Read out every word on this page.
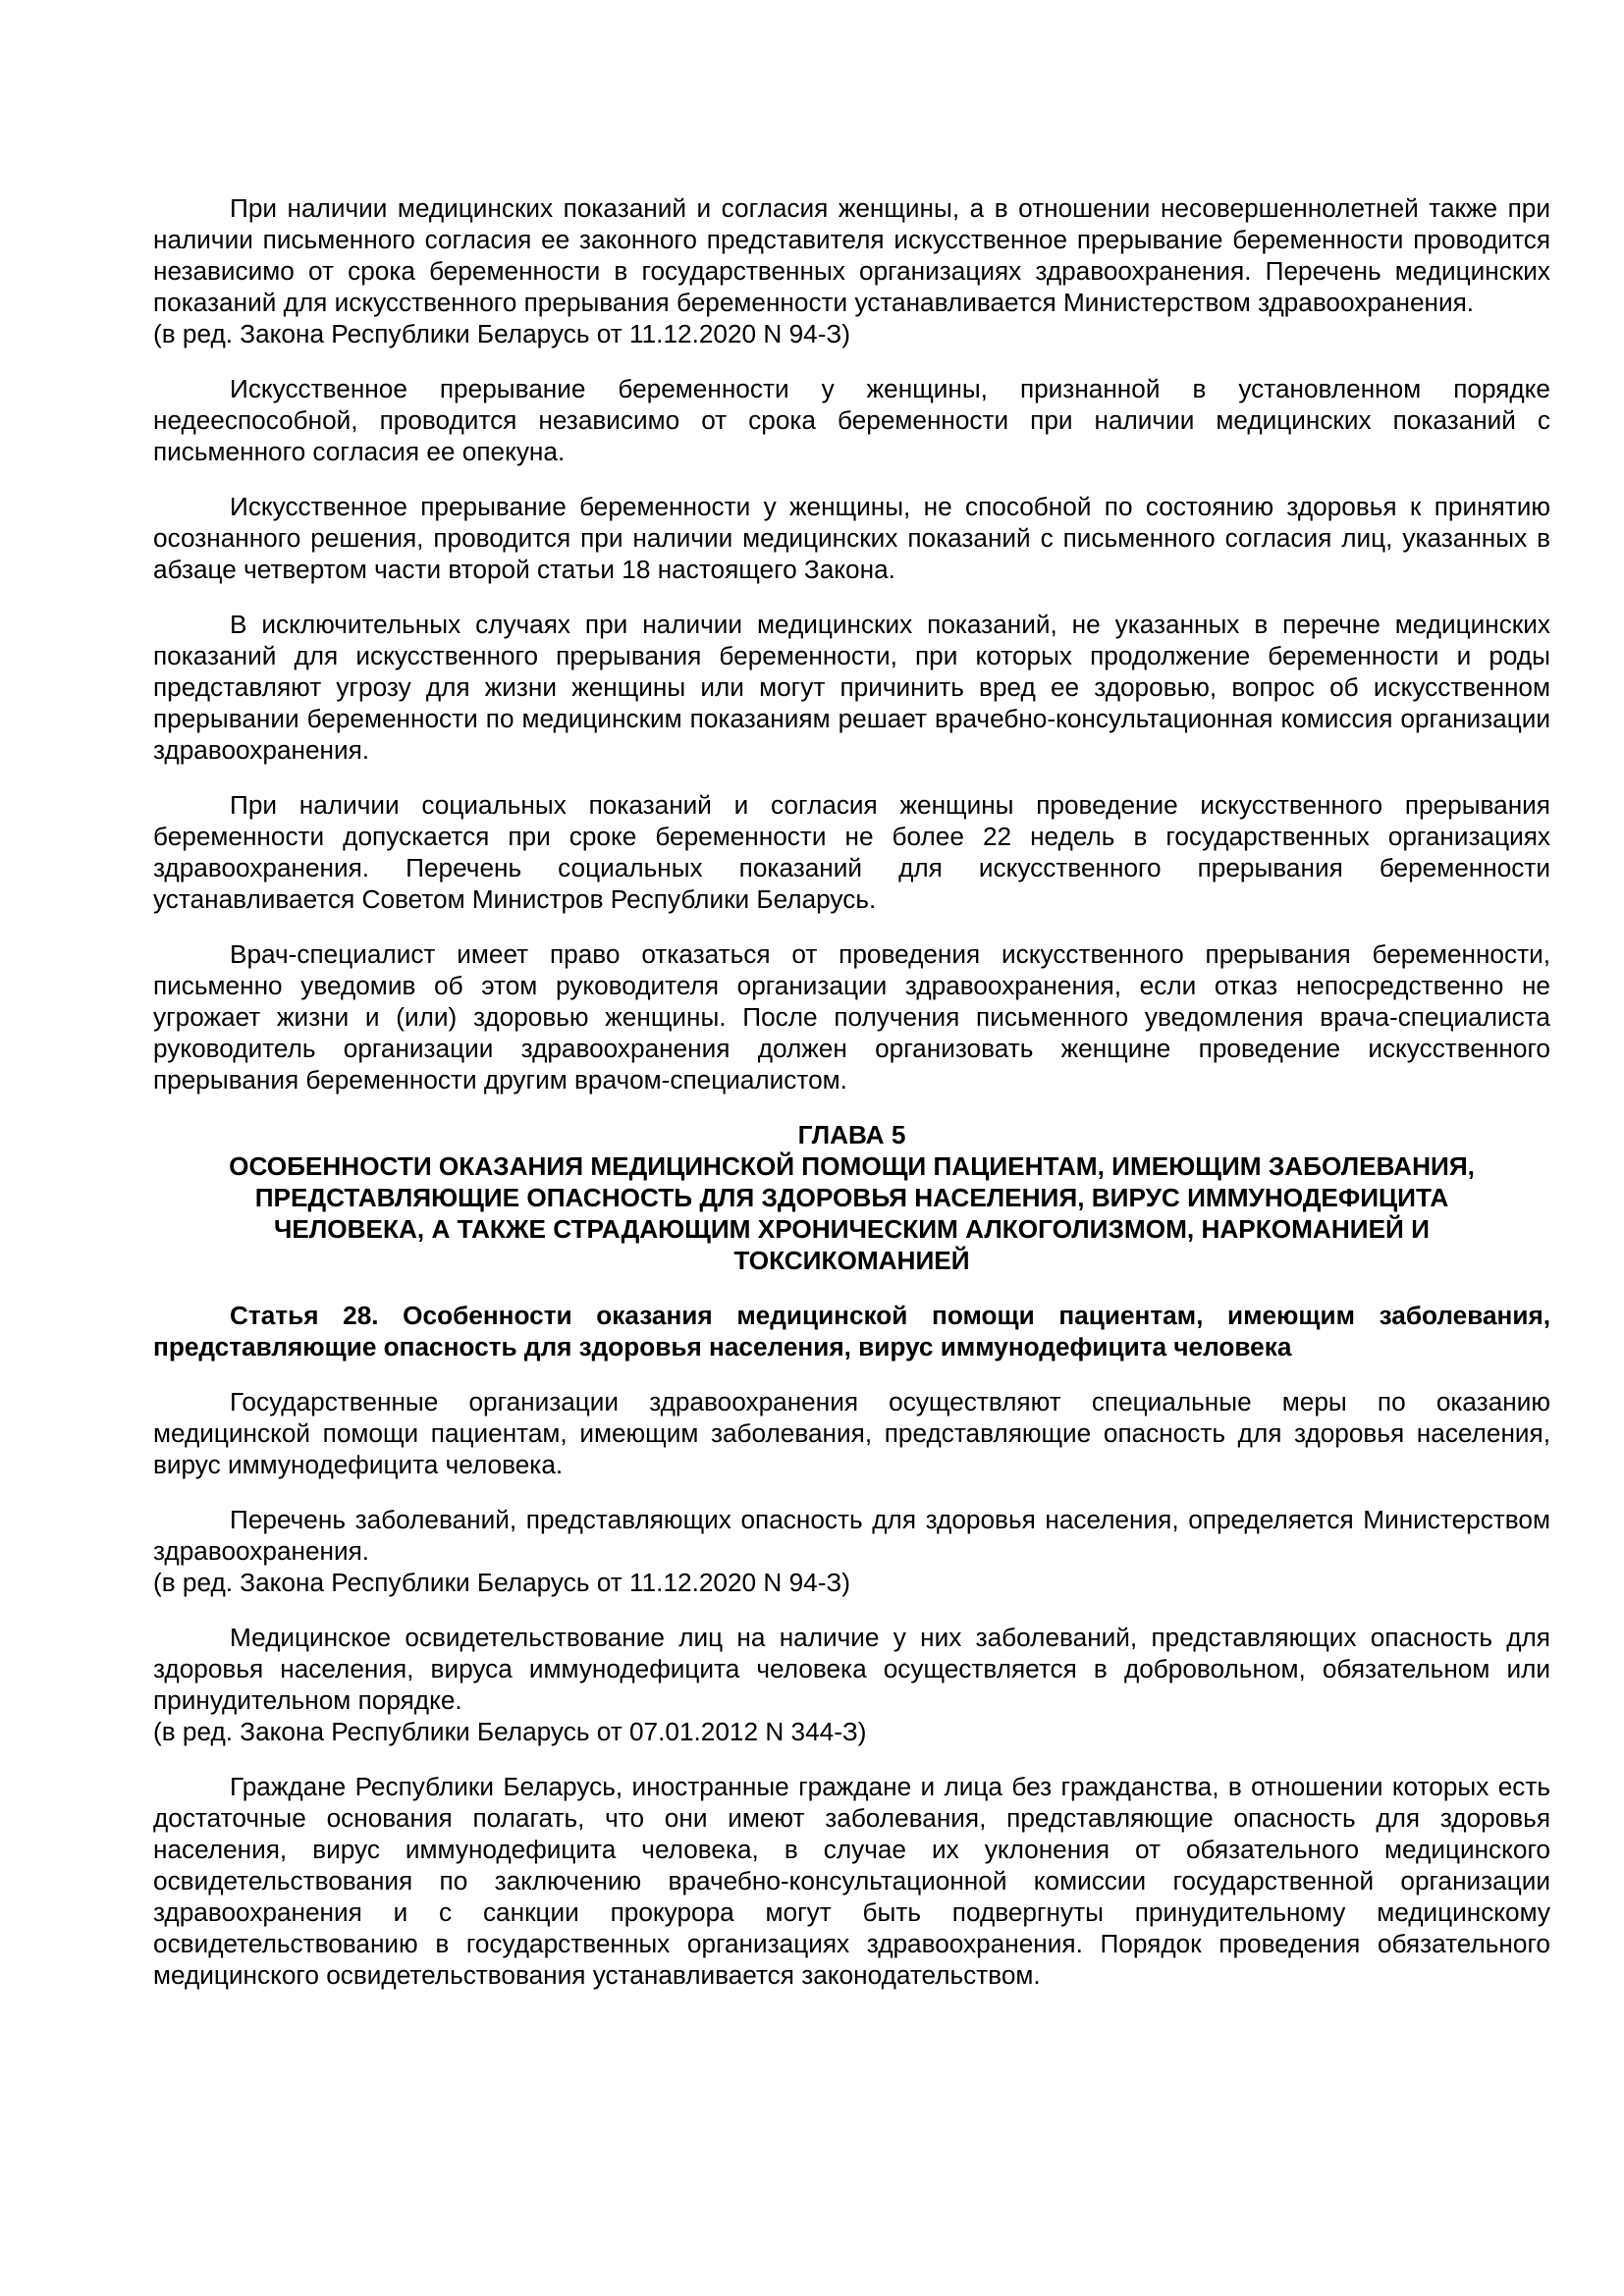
При наличии медицинских показаний и согласия женщины, а в отношении несовершеннолетней также при наличии письменного согласия ее законного представителя искусственное прерывание беременности проводится независимо от срока беременности в государственных организациях здравоохранения. Перечень медицинских показаний для искусственного прерывания беременности устанавливается Министерством здравоохранения.

(в ред. Закона Республики Беларусь от 11.12.2020 N 94-З)

Искусственное прерывание беременности у женщины, признанной в установленном порядке недееспособной, проводится независимо от срока беременности при наличии медицинских показаний с письменного согласия ее опекуна.

Искусственное прерывание беременности у женщины, не способной по состоянию здоровья к принятию осознанного решения, проводится при наличии медицинских показаний с письменного согласия лиц, указанных в абзаце четвертом части второй статьи 18 настоящего Закона.

В исключительных случаях при наличии медицинских показаний, не указанных в перечне медицинских показаний для искусственного прерывания беременности, при которых продолжение беременности и роды представляют угрозу для жизни женщины или могут причинить вред ее здоровью, вопрос об искусственном прерывании беременности по медицинским показаниям решает врачебно-консультационная комиссия организации здравоохранения.

При наличии социальных показаний и согласия женщины проведение искусственного прерывания беременности допускается при сроке беременности не более 22 недель в государственных организациях здравоохранения. Перечень социальных показаний для искусственного прерывания беременности устанавливается Советом Министров Республики Беларусь.

Врач-специалист имеет право отказаться от проведения искусственного прерывания беременности, письменно уведомив об этом руководителя организации здравоохранения, если отказ непосредственно не угрожает жизни и (или) здоровью женщины. После получения письменного уведомления врача-специалиста руководитель организации здравоохранения должен организовать женщине проведение искусственного прерывания беременности другим врачом-специалистом.

ГЛАВА 5
ОСОБЕННОСТИ ОКАЗАНИЯ МЕДИЦИНСКОЙ ПОМОЩИ ПАЦИЕНТАМ, ИМЕЮЩИМ ЗАБОЛЕВАНИЯ,
ПРЕДСТАВЛЯЮЩИЕ ОПАСНОСТЬ ДЛЯ ЗДОРОВЬЯ НАСЕЛЕНИЯ, ВИРУС ИММУНОДЕФИЦИТА
ЧЕЛОВЕКА, А ТАКЖЕ СТРАДАЮЩИМ ХРОНИЧЕСКИМ АЛКОГОЛИЗМОМ, НАРКОМАНИЕЙ И
ТОКСИКОМАНИЕЙ

Статья 28. Особенности оказания медицинской помощи пациентам, имеющим заболевания, представляющие опасность для здоровья населения, вирус иммунодефицита человека

Государственные организации здравоохранения осуществляют специальные меры по оказанию медицинской помощи пациентам, имеющим заболевания, представляющие опасность для здоровья населения, вирус иммунодефицита человека.

Перечень заболеваний, представляющих опасность для здоровья населения, определяется Министерством здравоохранения.

(в ред. Закона Республики Беларусь от 11.12.2020 N 94-З)

Медицинское освидетельствование лиц на наличие у них заболеваний, представляющих опасность для здоровья населения, вируса иммунодефицита человека осуществляется в добровольном, обязательном или принудительном порядке.

(в ред. Закона Республики Беларусь от 07.01.2012 N 344-З)

Граждане Республики Беларусь, иностранные граждане и лица без гражданства, в отношении которых есть достаточные основания полагать, что они имеют заболевания, представляющие опасность для здоровья населения, вирус иммунодефицита человека, в случае их уклонения от обязательного медицинского освидетельствования по заключению врачебно-консультационной комиссии государственной организации здравоохранения и с санкции прокурора могут быть подвергнуты принудительному медицинскому освидетельствованию в государственных организациях здравоохранения. Порядок проведения обязательного медицинского освидетельствования устанавливается законодательством.
